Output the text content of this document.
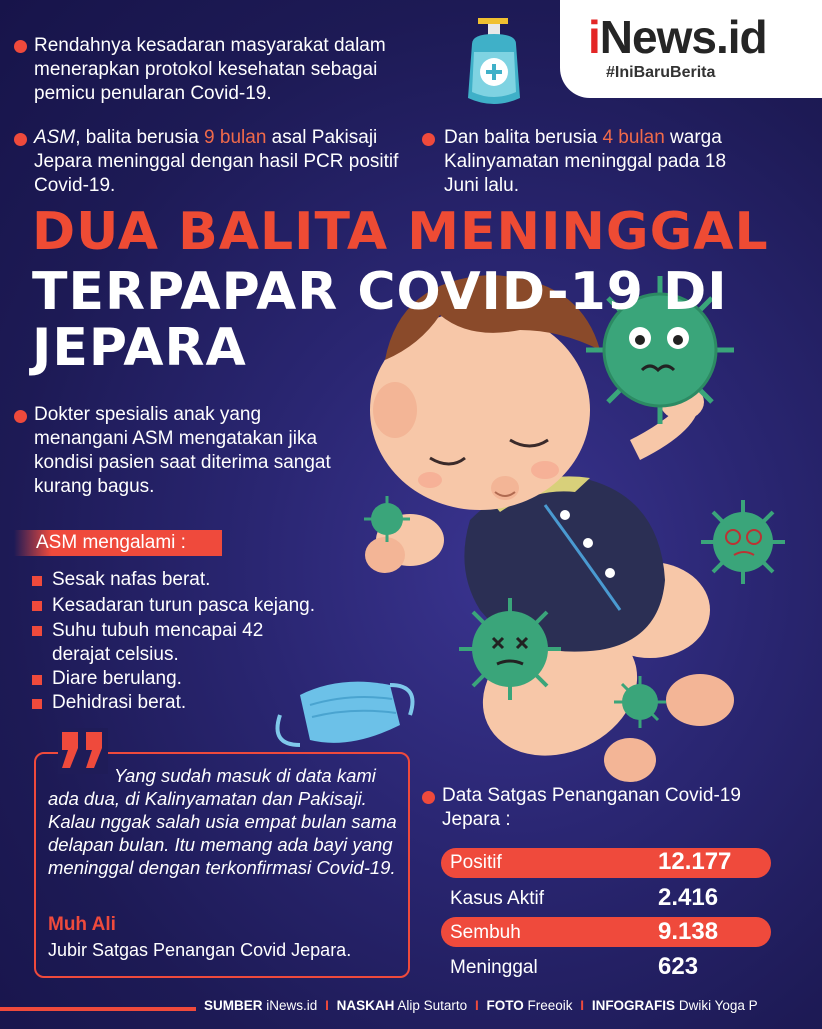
iNews.id
#IniBaruBerita
Rendahnya kesadaran masyarakat dalam menerapkan protokol kesehatan sebagai pemicu penularan Covid-19.
ASM, balita berusia 9 bulan asal Pakisaji Jepara meninggal dengan hasil PCR positif Covid-19.
Dan balita berusia 4 bulan warga Kalinyamatan meninggal pada 18 Juni lalu.
DUA BALITA MENINGGAL
TERPAPAR COVID-19 DI
JEPARA
Dokter spesialis anak yang menangani ASM mengatakan jika kondisi pasien saat diterima sangat kurang bagus.
ASM mengalami :
Sesak nafas berat.
Kesadaran turun pasca kejang.
Suhu tubuh mencapai 42
derajat celsius.
Diare berulang.
Dehidrasi berat.
Yang sudah masuk di data kami ada dua, di Kalinyamatan dan Pakisaji. Kalau nggak salah usia empat bulan sama delapan bulan. Itu memang ada bayi yang meninggal dengan terkonfirmasi Covid-19.
Muh Ali
Jubir Satgas Penangan Covid Jepara.
Data Satgas Penanganan Covid-19 Jepara :
Positif	12.177
Kasus Aktif	2.416
Sembuh	9.138
Meninggal	623
SUMBER iNews.id I NASKAH Alip Sutarto I FOTO Freeoik I INFOGRAFIS Dwiki Yoga P
